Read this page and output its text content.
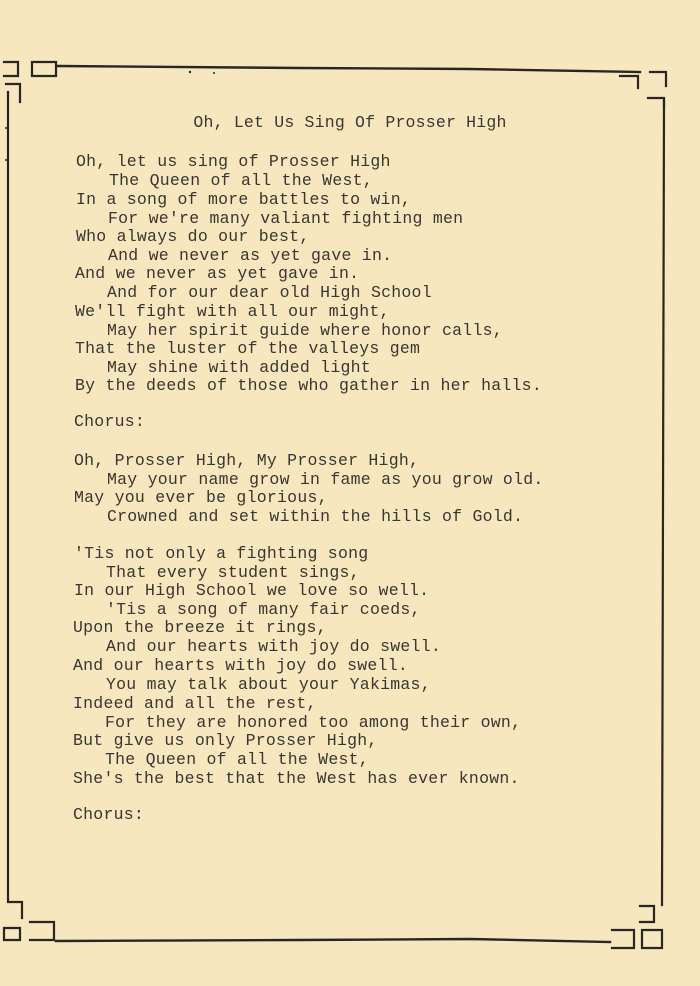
Oh, Let Us Sing Of Prosser High
Oh, let us sing of Prosser High
The Queen of all the West,
In a song of more battles to win,
For we're many valiant fighting men
Who always do our best,
And we never as yet gave in.
And we never as yet gave in.
And for our dear old High School
We'll fight with all our might,
May her spirit guide where honor calls,
That the luster of the valleys gem
May shine with added light
By the deeds of those who gather in her halls.
Chorus:
Oh, Prosser High, My Prosser High,
May your name grow in fame as you grow old.
May you ever be glorious,
Crowned and set within the hills of Gold.
'Tis not only a fighting song
That every student sings,
In our High School we love so well.
'Tis a song of many fair coeds,
Upon the breeze it rings,
And our hearts with joy do swell.
And our hearts with joy do swell.
You may talk about your Yakimas,
Indeed and all the rest,
For they are honored too among their own,
But give us only Prosser High,
The Queen of all the West,
She's the best that the West has ever known.
Chorus:
